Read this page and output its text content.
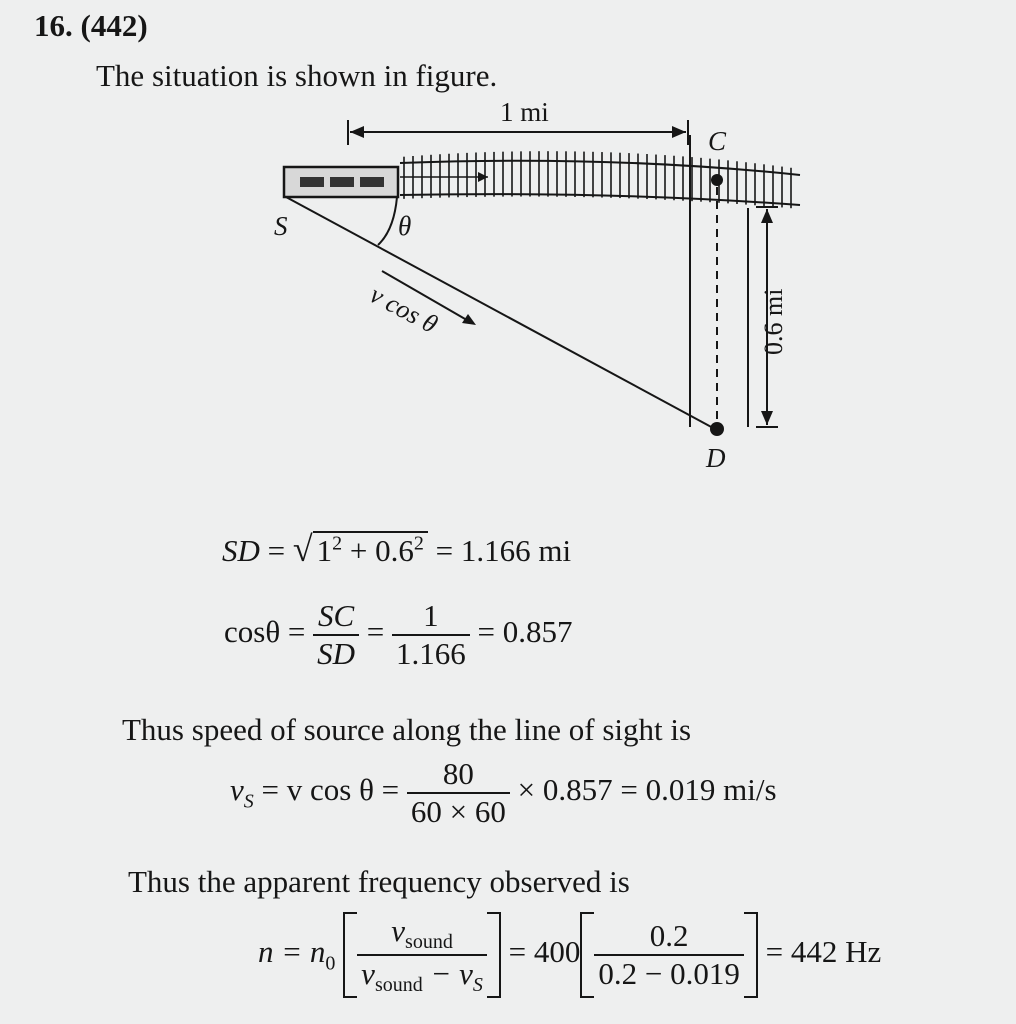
16. (442)
The situation is shown in figure.
1 mi
C
S	θ
v cos θ	0.6 mi
D
SD = √ $1^2 + 0.6^2 = 1.166$ mi
$\cos\theta = \frac{SC}{SD} = \frac{1}{1.166} = 0.857$
Thus speed of source along the line of sight is
$v_S = v$ $\cos \theta = \frac{80}{60 \times 60} \times 0.857 = 0.019$ mi/s
Thus the apparent frequency observed is
$n = n_0 \frac{v_{sound}}{v_{sound} - v_S} = 400 \frac{0.2}{0.2 - 0.019} = 442$ Hz
